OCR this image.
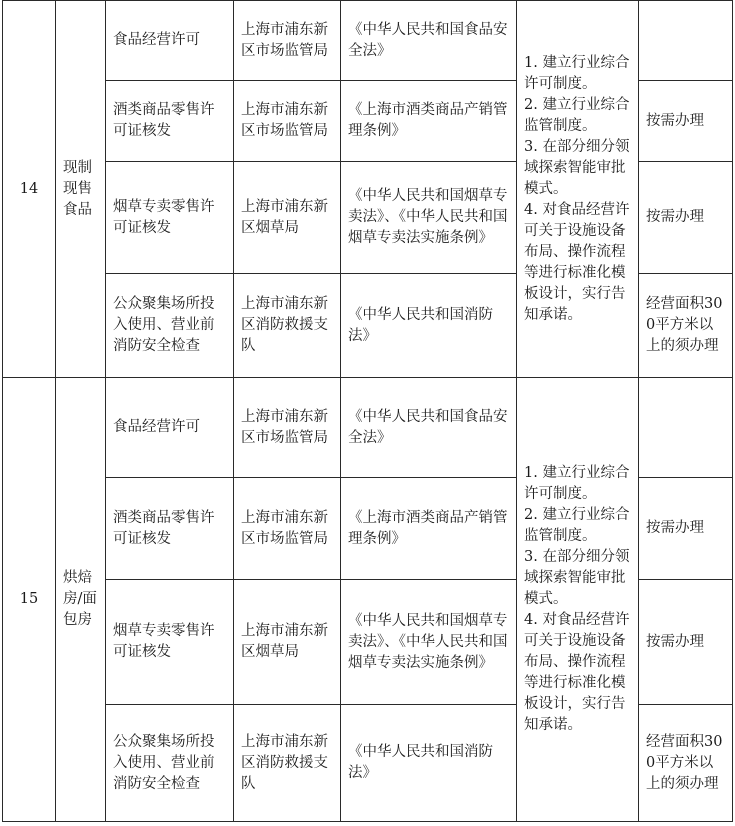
14	现制现售食品	食品经营许可	上海市浦东新区市场监管局	《中华人民共和国食品安全法》	1. 建立行业综合许可制度。
2. 建立行业综合监管制度。
3. 在部分细分领域探索智能审批模式。
4. 对食品经营许可关于设施设备布局、操作流程等进行标准化模板设计，实行告知承诺。	

		酒类商品零售许可证核发	上海市浦东新区市场监管局	《上海市酒类商品产销管理条例》		按需办理
		烟草专卖零售许可证核发	上海市浦东新区烟草局	《中华人民共和国烟草专卖法》、《中华人民共和国烟草专卖法实施条例》		按需办理
		公众聚集场所投入使用、营业前消防安全检查	上海市浦东新区消防救援支队	《中华人民共和国消防法》		经营面积300平方米以上的须办理
15	烘焙房/面包房	食品经营许可	上海市浦东新区市场监管局	《中华人民共和国食品安全法》	1. 建立行业综合许可制度。
2. 建立行业综合监管制度。
3. 在部分细分领域探索智能审批模式。
4. 对食品经营许可关于设施设备布局、操作流程等进行标准化模板设计，实行告知承诺。	

		酒类商品零售许可证核发	上海市浦东新区市场监管局	《上海市酒类商品产销管理条例》		按需办理
		烟草专卖零售许可证核发	上海市浦东新区烟草局	《中华人民共和国烟草专卖法》、《中华人民共和国烟草专卖法实施条例》		按需办理
		公众聚集场所投入使用、营业前消防安全检查	上海市浦东新区消防救援支队	《中华人民共和国消防法》		经营面积300平方米以上的须办理
